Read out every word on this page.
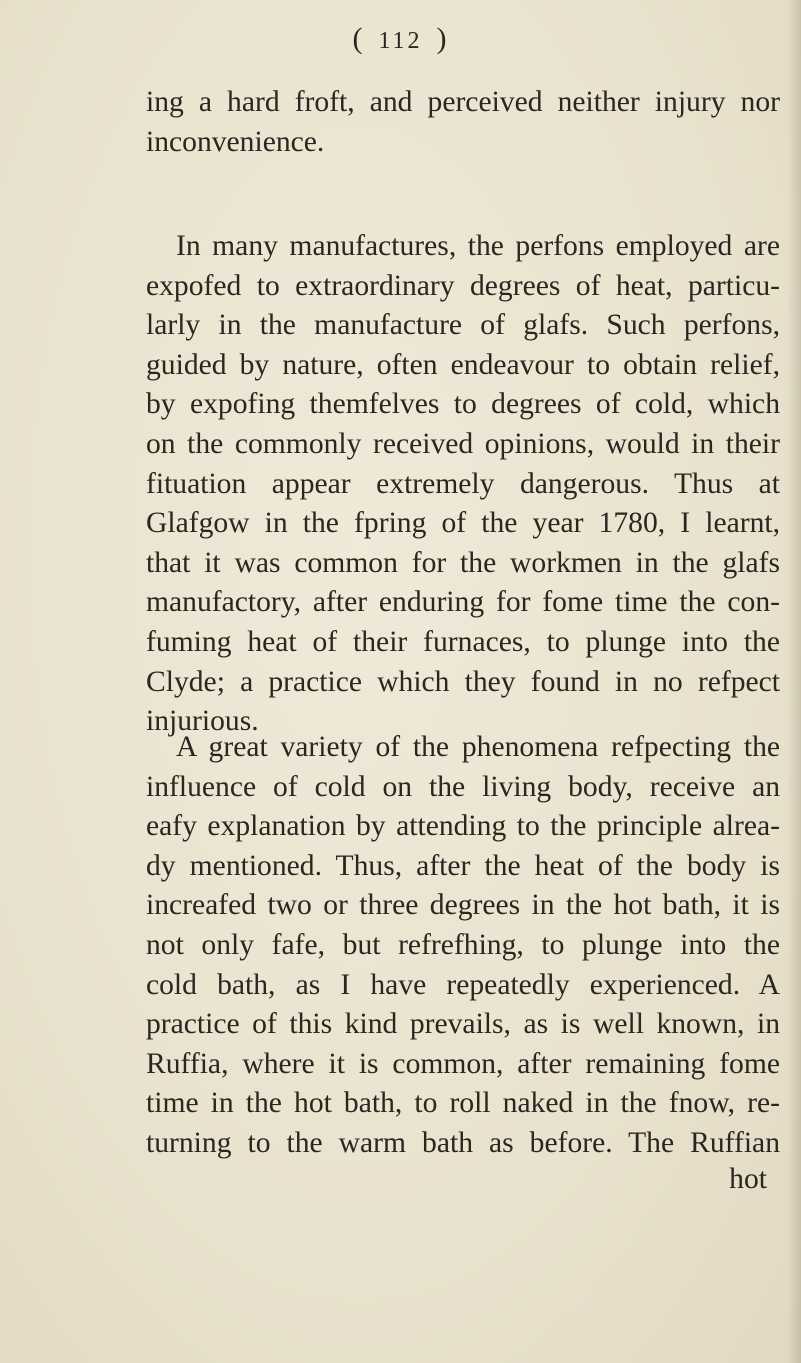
( 112 )
ing a hard froft, and perceived neither injury nor
inconvenience.
In many manufactures, the perfons employed are
expofed to extraordinary degrees of heat, particu-
larly in the manufacture of glafs. Such perfons,
guided by nature, often endeavour to obtain relief,
by expofing themfelves to degrees of cold, which
on the commonly received opinions, would in their
fituation appear extremely dangerous. Thus at
Glafgow in the fpring of the year 1780, I learnt,
that it was common for the workmen in the glafs
manufactory, after enduring for fome time the con-
fuming heat of their furnaces, to plunge into the
Clyde; a practice which they found in no refpect
injurious.
A great variety of the phenomena refpecting the
influence of cold on the living body, receive an
eafy explanation by attending to the principle alrea-
dy mentioned. Thus, after the heat of the body is
increafed two or three degrees in the hot bath, it is
not only fafe, but refrefhing, to plunge into the
cold bath, as I have repeatedly experienced. A
practice of this kind prevails, as is well known, in
Ruffia, where it is common, after remaining fome
time in the hot bath, to roll naked in the fnow, re-
turning to the warm bath as before. The Ruffian
hot
